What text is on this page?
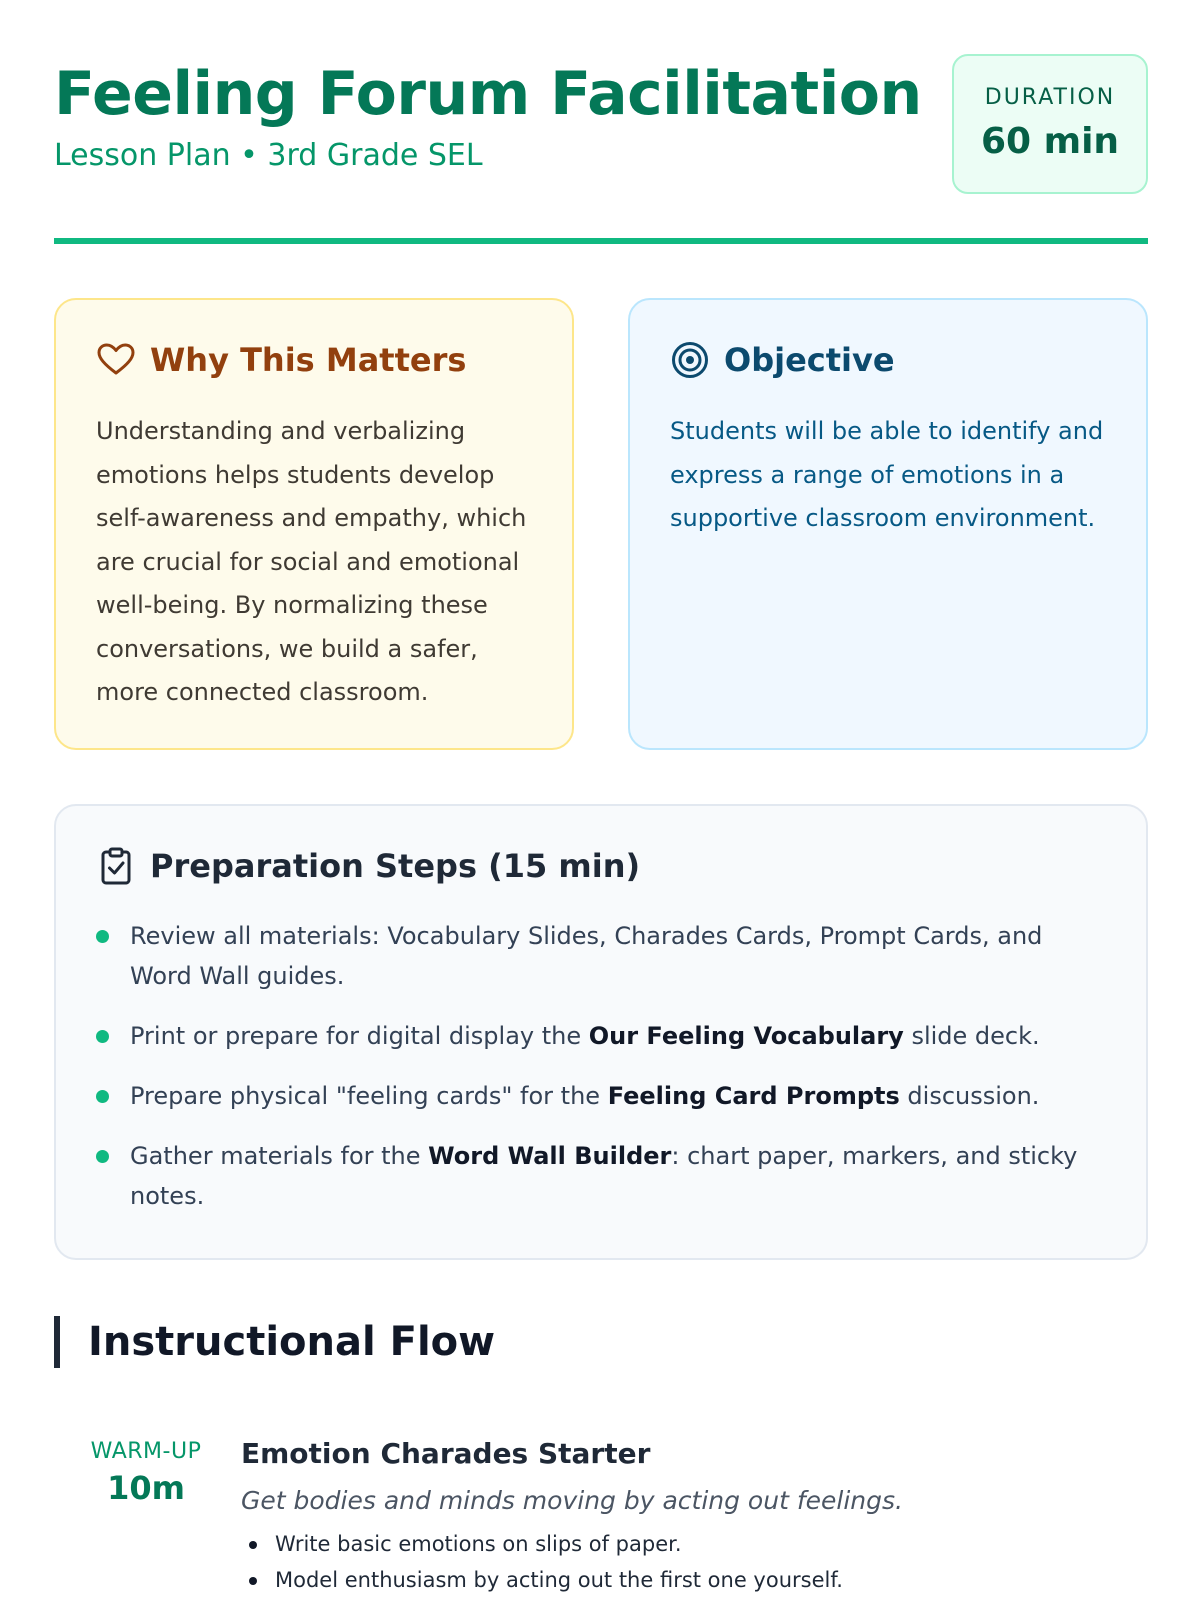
Feeling Forum Facilitation
Lesson Plan • 3rd Grade SEL
DURATION
60 min
Why This Matters

Understanding and verbalizing emotions helps students develop self-awareness and empathy, which are crucial for social and emotional well-being. By normalizing these conversations, we build a safer, more connected classroom.

Objective

Students will be able to identify and express a range of emotions in a supportive classroom environment.

Preparation Steps (15 min)
Review all materials: Vocabulary Slides, Charades Cards, Prompt Cards, and Word Wall guides.
Print or prepare for digital display the Our Feeling Vocabulary slide deck.
Prepare physical "feeling cards" for the Feeling Card Prompts discussion.
Gather materials for the Word Wall Builder: chart paper, markers, and sticky notes.
Instructional Flow
WARM-UP
10m
Emotion Charades Starter
Get bodies and minds moving by acting out feelings.
Write basic emotions on slips of paper.
Model enthusiasm by acting out the first one yourself.
